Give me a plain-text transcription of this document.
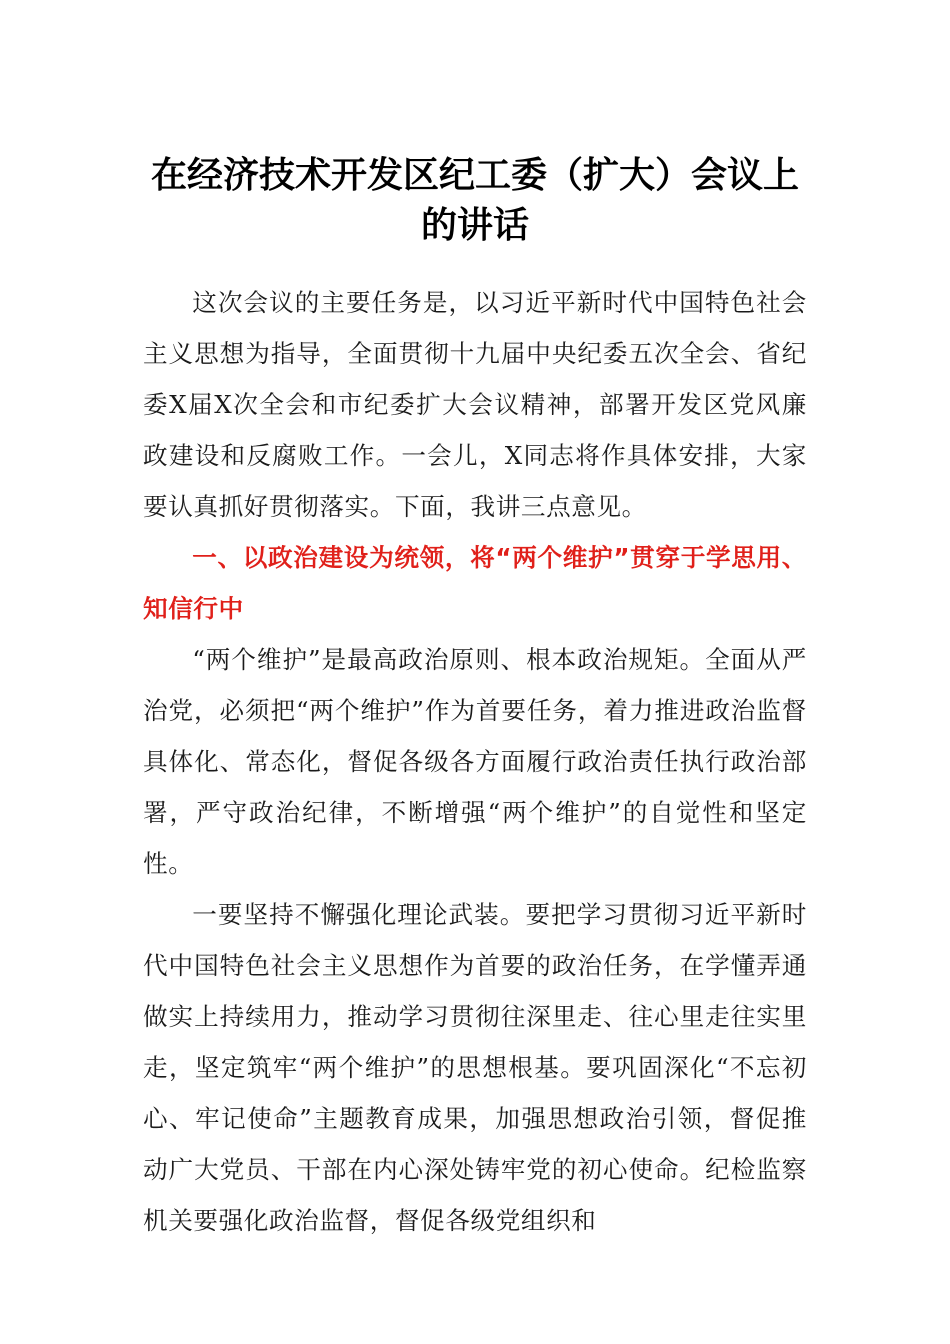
在经济技术开发区纪工委（扩大）会议上
的讲话

这次会议的主要任务是，以习近平新时代中国特色社会主义思想为指导，全面贯彻十九届中央纪委五次全会、省纪委X届X次全会和市纪委扩大会议精神，部署开发区党风廉政建设和反腐败工作。一会儿，X同志将作具体安排，大家要认真抓好贯彻落实。下面，我讲三点意见。

一、以政治建设为统领，将“两个维护”贯穿于学思用、知信行中

“两个维护”是最高政治原则、根本政治规矩。全面从严治党，必须把“两个维护”作为首要任务，着力推进政治监督具体化、常态化，督促各级各方面履行政治责任执行政治部署，严守政治纪律，不断增强“两个维护”的自觉性和坚定性。

一要坚持不懈强化理论武装。要把学习贯彻习近平新时代中国特色社会主义思想作为首要的政治任务，在学懂弄通做实上持续用力，推动学习贯彻往深里走、往心里走往实里走，坚定筑牢“两个维护”的思想根基。要巩固深化“不忘初心、牢记使命”主题教育成果，加强思想政治引领，督促推动广大党员、干部在内心深处铸牢党的初心使命。纪检监察机关要强化政治监督，督促各级党组织和
